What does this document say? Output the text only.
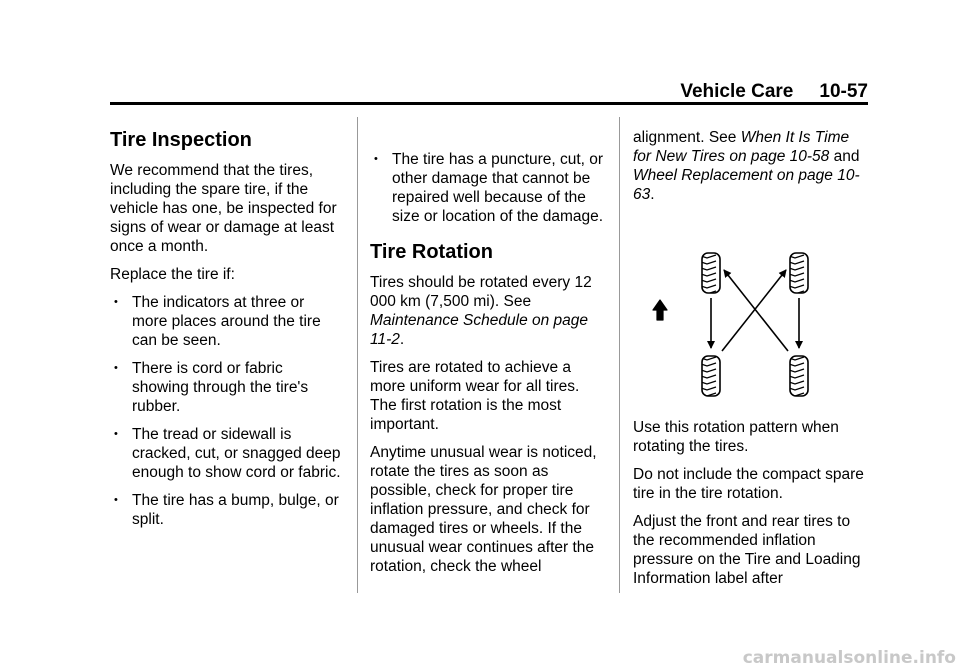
Vehicle Care 10-57
Tire Inspection

We recommend that the tires, including the spare tire, if the vehicle has one, be inspected for signs of wear or damage at least once a month.

Replace the tire if:

• The indicators at three or more places around the tire can be seen.
• There is cord or fabric showing through the tire's rubber.
• The tread or sidewall is cracked, cut, or snagged deep enough to show cord or fabric.
• The tire has a bump, bulge, or split.
• The tire has a puncture, cut, or other damage that cannot be repaired well because of the size or location of the damage.
Tire Rotation

Tires should be rotated every 12 000 km (7,500 mi). See
Maintenance Schedule on page 11-2.

Tires are rotated to achieve a more uniform wear for all tires. The first rotation is the most important.

Anytime unusual wear is noticed, rotate the tires as soon as possible, check for proper tire inflation pressure, and check for damaged tires or wheels. If the unusual wear continues after the rotation, check the wheel

alignment. See When It Is Time for New Tires on page 10-58 and Wheel Replacement on page 10-63.

Use this rotation pattern when rotating the tires.

Do not include the compact spare tire in the tire rotation.

Adjust the front and rear tires to the recommended inflation pressure on the Tire and Loading Information label after

carmanualsonline.info
